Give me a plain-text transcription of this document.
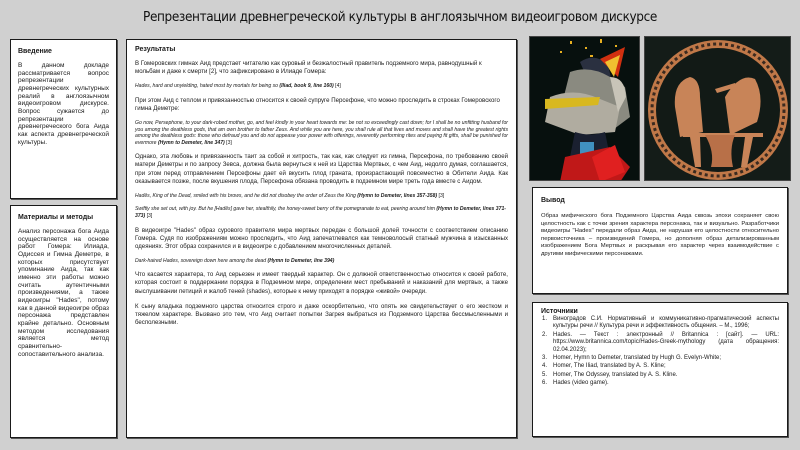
Репрезентации древнегреческой культуры в англоязычном видеоигровом дискурсе
Введение

В данном докладе рассматривается вопрос репрезентации древнегреческих культурных реалий в англоязычном видеоигровом дискурсе. Вопрос сужается до репрезентации древнегреческого бога Аида как аспекта древнегреческой культуры.

Материалы и методы

Анализ персонажа бога Аида осуществляется на основе работ Гомера: Илиада, Одиссея и Гимна Деметре, в которых присутствует упоминание Аида, так как именно эти работы можно считать аутентичными произведениями, а также видеоигры "Hades", потому как в данной видеоигре образ персонажа представлен крайне детально. Основным методом исследования является метод сравнительно-сопоставительного анализа.

Результаты

В Гомеровских гимнах Аид предстает читателю как суровый и безжалостный правитель подземного мира, равнодушный к мольбам и даже к смерти [2], что зафиксировано в Илиаде Гомера:

Hades, hard and unyielding, hated most by mortals for being so (Iliad, book 9, line 160) [4]

При этом Аид с теплом и привязанностью относится к своей супруге Персефоне, что можно проследить в строках Гомеровского гимна Деметре:

Go now, Persephone, to your dark-robed mother, go, and feel kindly in your heart towards me: be not so exceedingly cast down; for I shall be no unfitting husband for you among the deathless gods, that am own brother to father Zeus. And while you are here, you shall rule all that lives and moves and shall have the greatest rights among the deathless gods: those who defraud you and do not appease your power with offerings, reverently performing rites and paying fit gifts, shall be punished for evermore (Hymn to Demeter, line 347) [3]

Однако, эта любовь и привязанность таит за собой и хитрость, так как, как следует из гимна, Персефона, по требованию своей матери Деметры и по запросу Зевса, должна была вернуться к ней из Царства Мертвых, с чем Аид, недолго думая, соглашается, при этом перед отправлением Персефоны дает ей вкусить плод граната, произрастающий повсеместно в Обители Аида. Как оказывается позже, после вкушения плода, Персефона обязана проводить в подземном мире треть года вместе с Аидом.

Hadês, King of the Dead, smiled with his brows, and he did not disobey the order of Zeus the King (Hymn to Demeter, lines 357-358) [3]

Swiftly she set out, with joy. But he [Hadês] gave her, stealthily, the honey-sweet berry of the pomegranate to eat, peering around him (Hymn to Demeter, lines 371-373) [3]

В видеоигре "Hades" образ сурового правителя мира мертвых передан с большой долей точности с соответствием описанию Гомера. Судя по изображениям можно проследить, что Аид запечатлевался как темноволосый статный мужчина в изысканных одеяниях. Этот образ сохранился и в видеоигре с добавлением многочисленных деталей.

Dark-haired Hades, sovereign down here among the dead (Hymn to Demeter, line 394)

Что касается характера, то Аид серьезен и имеет твердый характер. Он с должной ответственностью относится к своей работе, которая состоит в поддержании порядка в Подземном мире, определении мест пребываний и наказаний для мертвых, а также выслушивании петиций и жалоб теней (shades), которые к нему приходят в порядке «живой» очереди.

К сыну владыка подземного царства относится строго и даже оскорбительно, что опять же свидетельствует о его жестком и тяжелом характере. Вызвано это тем, что Аид считает попытки Загрея выбраться из Подземного Царства бессмысленными и бесполезными.

Вывод

Образ мифического бога Подземного Царства Аида сквозь эпохи сохраняет свою целостность как с точки зрения характера персонажа, так и визуально. Разработчики видеоигры "Hades" передали образ Аида, не нарушая его целостности относительно первоисточника – произведений Гомера, но дополняя образ детализированным изображением Бога Мертвых и раскрывая его характер через взаимодействие с другими мифическими персонажами.

Источники
1. Виноградов С.И. Нормативный и коммуникативно-прагматический аспекты культуры речи // Культура речи и эффективность общения. – М., 1996;
2. Hades. — Текст : электронный // Britannica : [сайт]. — URL: https://www.britannica.com/topic/Hades-Greek-mythology (дата обращения: 02.04.2023);
3. Homer, Hymn to Demeter, translated by Hugh G. Evelyn-White;
4. Homer, The Iliad, translated by A. S. Kline;
5. Homer, The Odyssey, translated by A. S. Kline.
6. Hades (video game).
